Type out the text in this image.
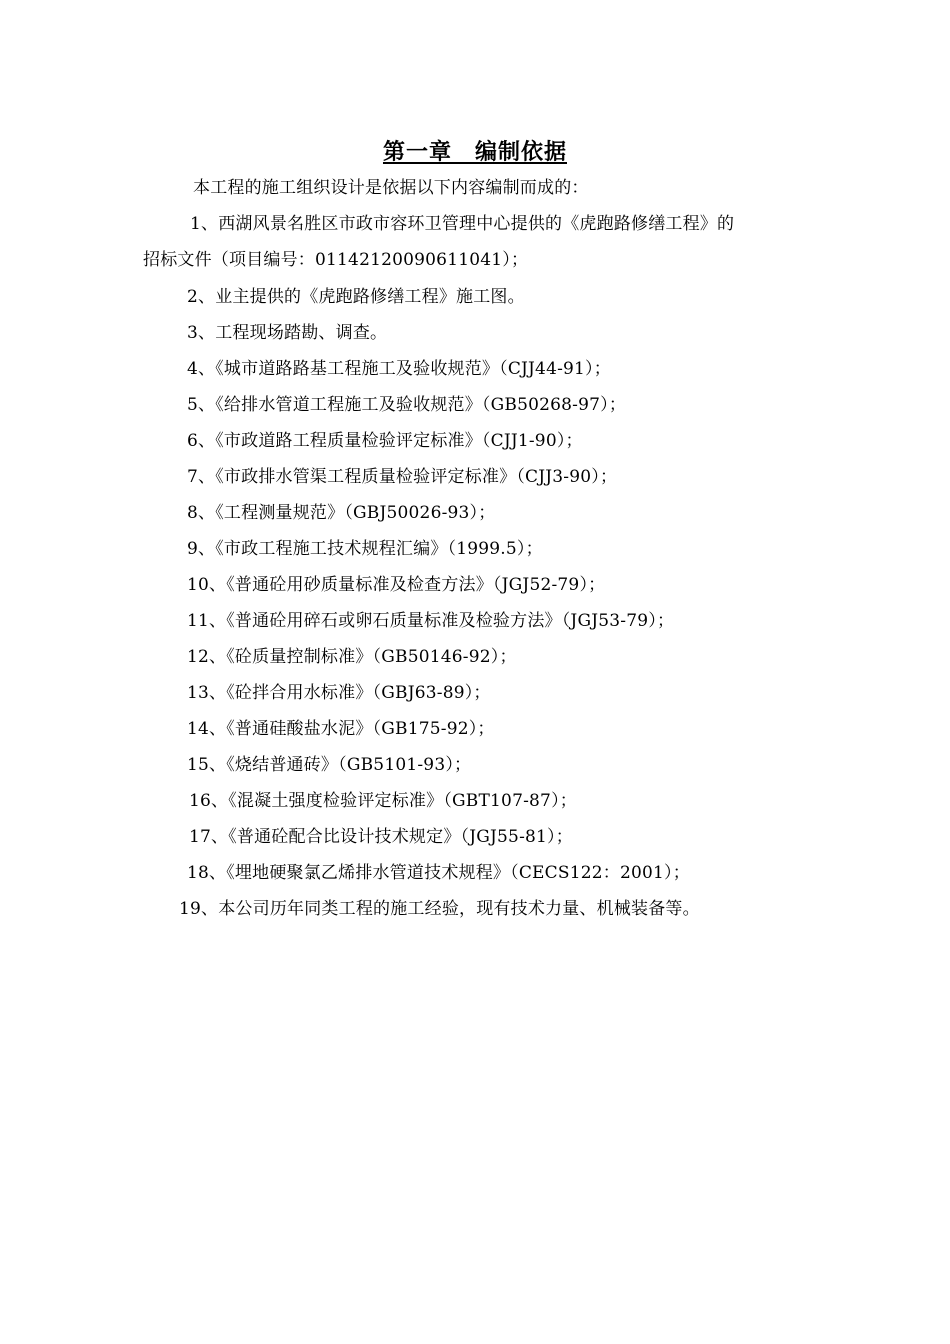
第一章　编制依据
本工程的施工组织设计是依据以下内容编制而成的：
1、西湖风景名胜区市政市容环卫管理中心提供的《虎跑路修缮工程》的
招标文件（项目编号：01142120090611041）；
2、业主提供的《虎跑路修缮工程》施工图。
3、工程现场踏勘、调查。
4、《城市道路路基工程施工及验收规范》（CJJ44-91）；
5、《给排水管道工程施工及验收规范》（GB50268-97）；
6、《市政道路工程质量检验评定标准》（CJJ1-90）；
7、《市政排水管渠工程质量检验评定标准》（CJJ3-90）；
8、《工程测量规范》（GBJ50026-93）；
9、《市政工程施工技术规程汇编》（1999.5）；
10、《普通砼用砂质量标准及检查方法》（JGJ52-79）；
11、《普通砼用碎石或卵石质量标准及检验方法》（JGJ53-79）；
12、《砼质量控制标准》（GB50146-92）；
13、《砼拌合用水标准》（GBJ63-89）；
14、《普通硅酸盐水泥》（GB175-92）；
15、《烧结普通砖》（GB5101-93）；
16、《混凝土强度检验评定标准》（GBT107-87）；
17、《普通砼配合比设计技术规定》（JGJ55-81）；
18、《埋地硬聚氯乙烯排水管道技术规程》（CECS122：2001）；
19、本公司历年同类工程的施工经验，现有技术力量、机械装备等。
